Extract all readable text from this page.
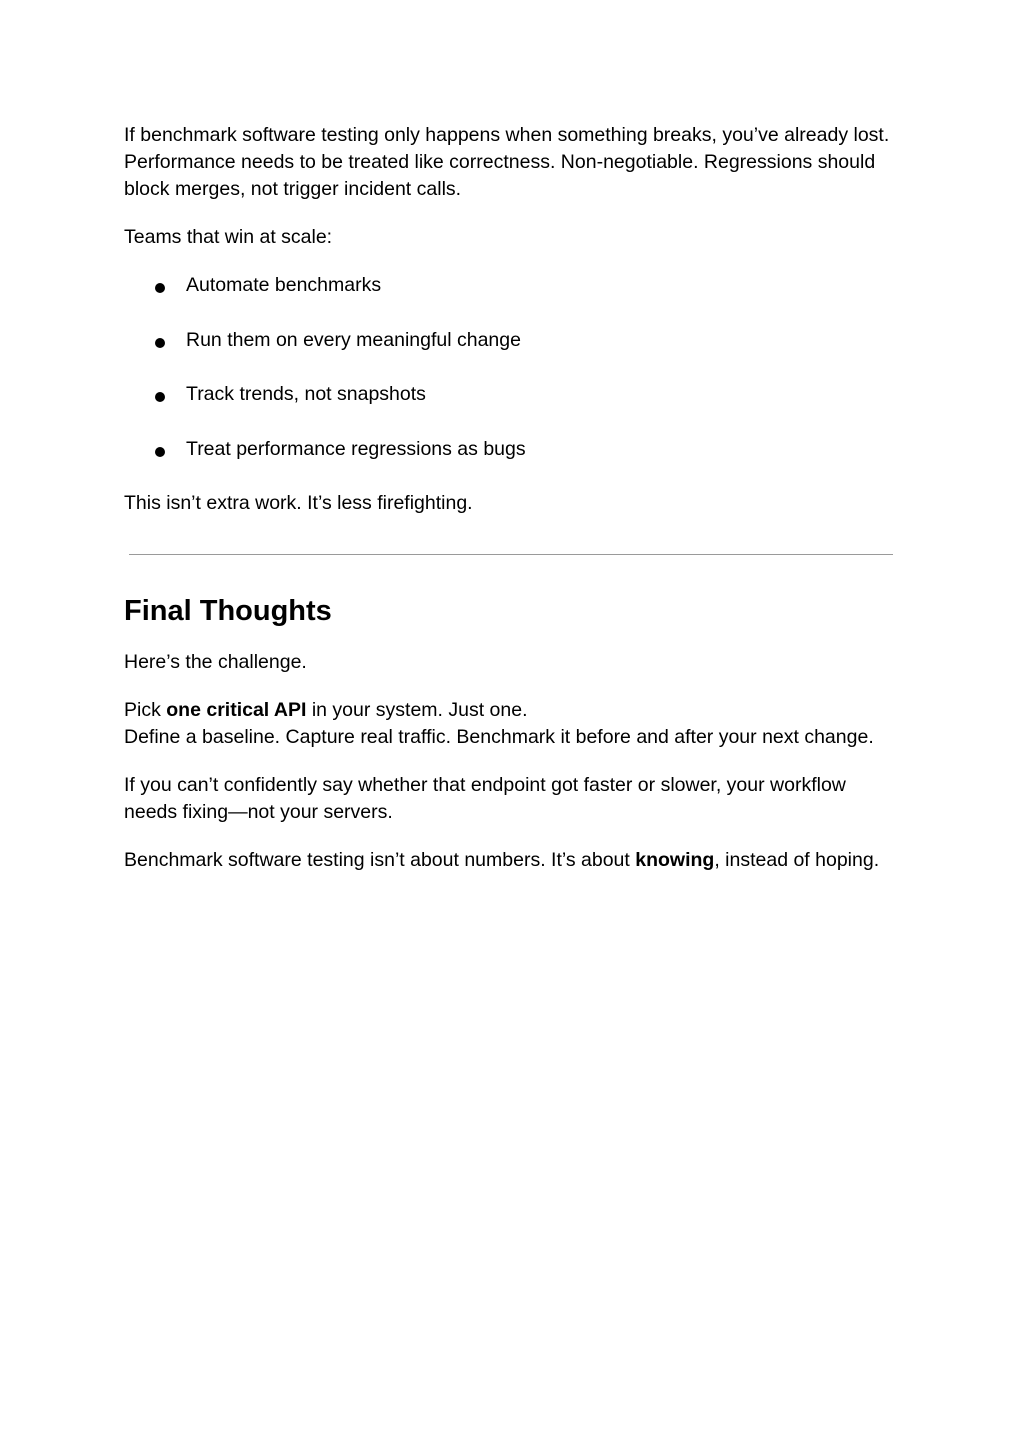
If benchmark software testing only happens when something breaks, you’ve already lost. Performance needs to be treated like correctness. Non-negotiable. Regressions should block merges, not trigger incident calls.

Teams that win at scale:

Automate benchmarks
Run them on every meaningful change
Track trends, not snapshots
Treat performance regressions as bugs

This isn’t extra work. It’s less firefighting.

Final Thoughts

Here’s the challenge.

Pick one critical API in your system. Just one.
Define a baseline. Capture real traffic. Benchmark it before and after your next change.

If you can’t confidently say whether that endpoint got faster or slower, your workflow needs fixing—not your servers.

Benchmark software testing isn’t about numbers. It’s about knowing, instead of hoping.
